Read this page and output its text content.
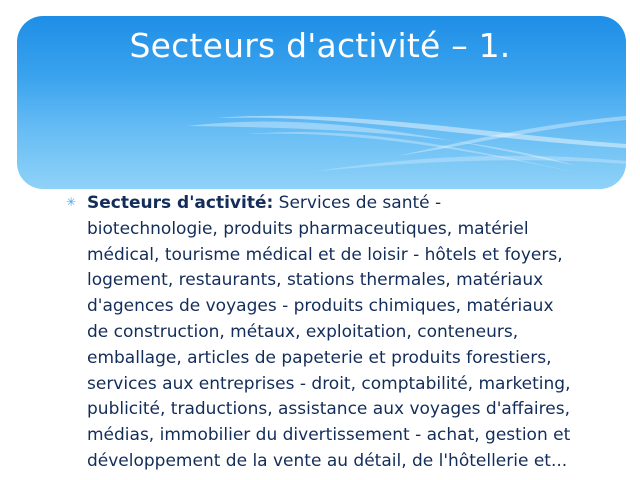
Secteurs d'activité – 1.
✳ Secteurs d'activité: Services de santé - biotechnologie, produits pharmaceutiques, matériel médical, tourisme médical et de loisir - hôtels et foyers, logement, restaurants, stations thermales, matériaux d'agences de voyages - produits chimiques, matériaux de construction, métaux, exploitation, conteneurs, emballage, articles de papeterie et produits forestiers, services aux entreprises - droit, comptabilité, marketing, publicité, traductions, assistance aux voyages d'affaires, médias, immobilier du divertissement - achat, gestion et développement de la vente au détail, de l'hôtellerie et...
